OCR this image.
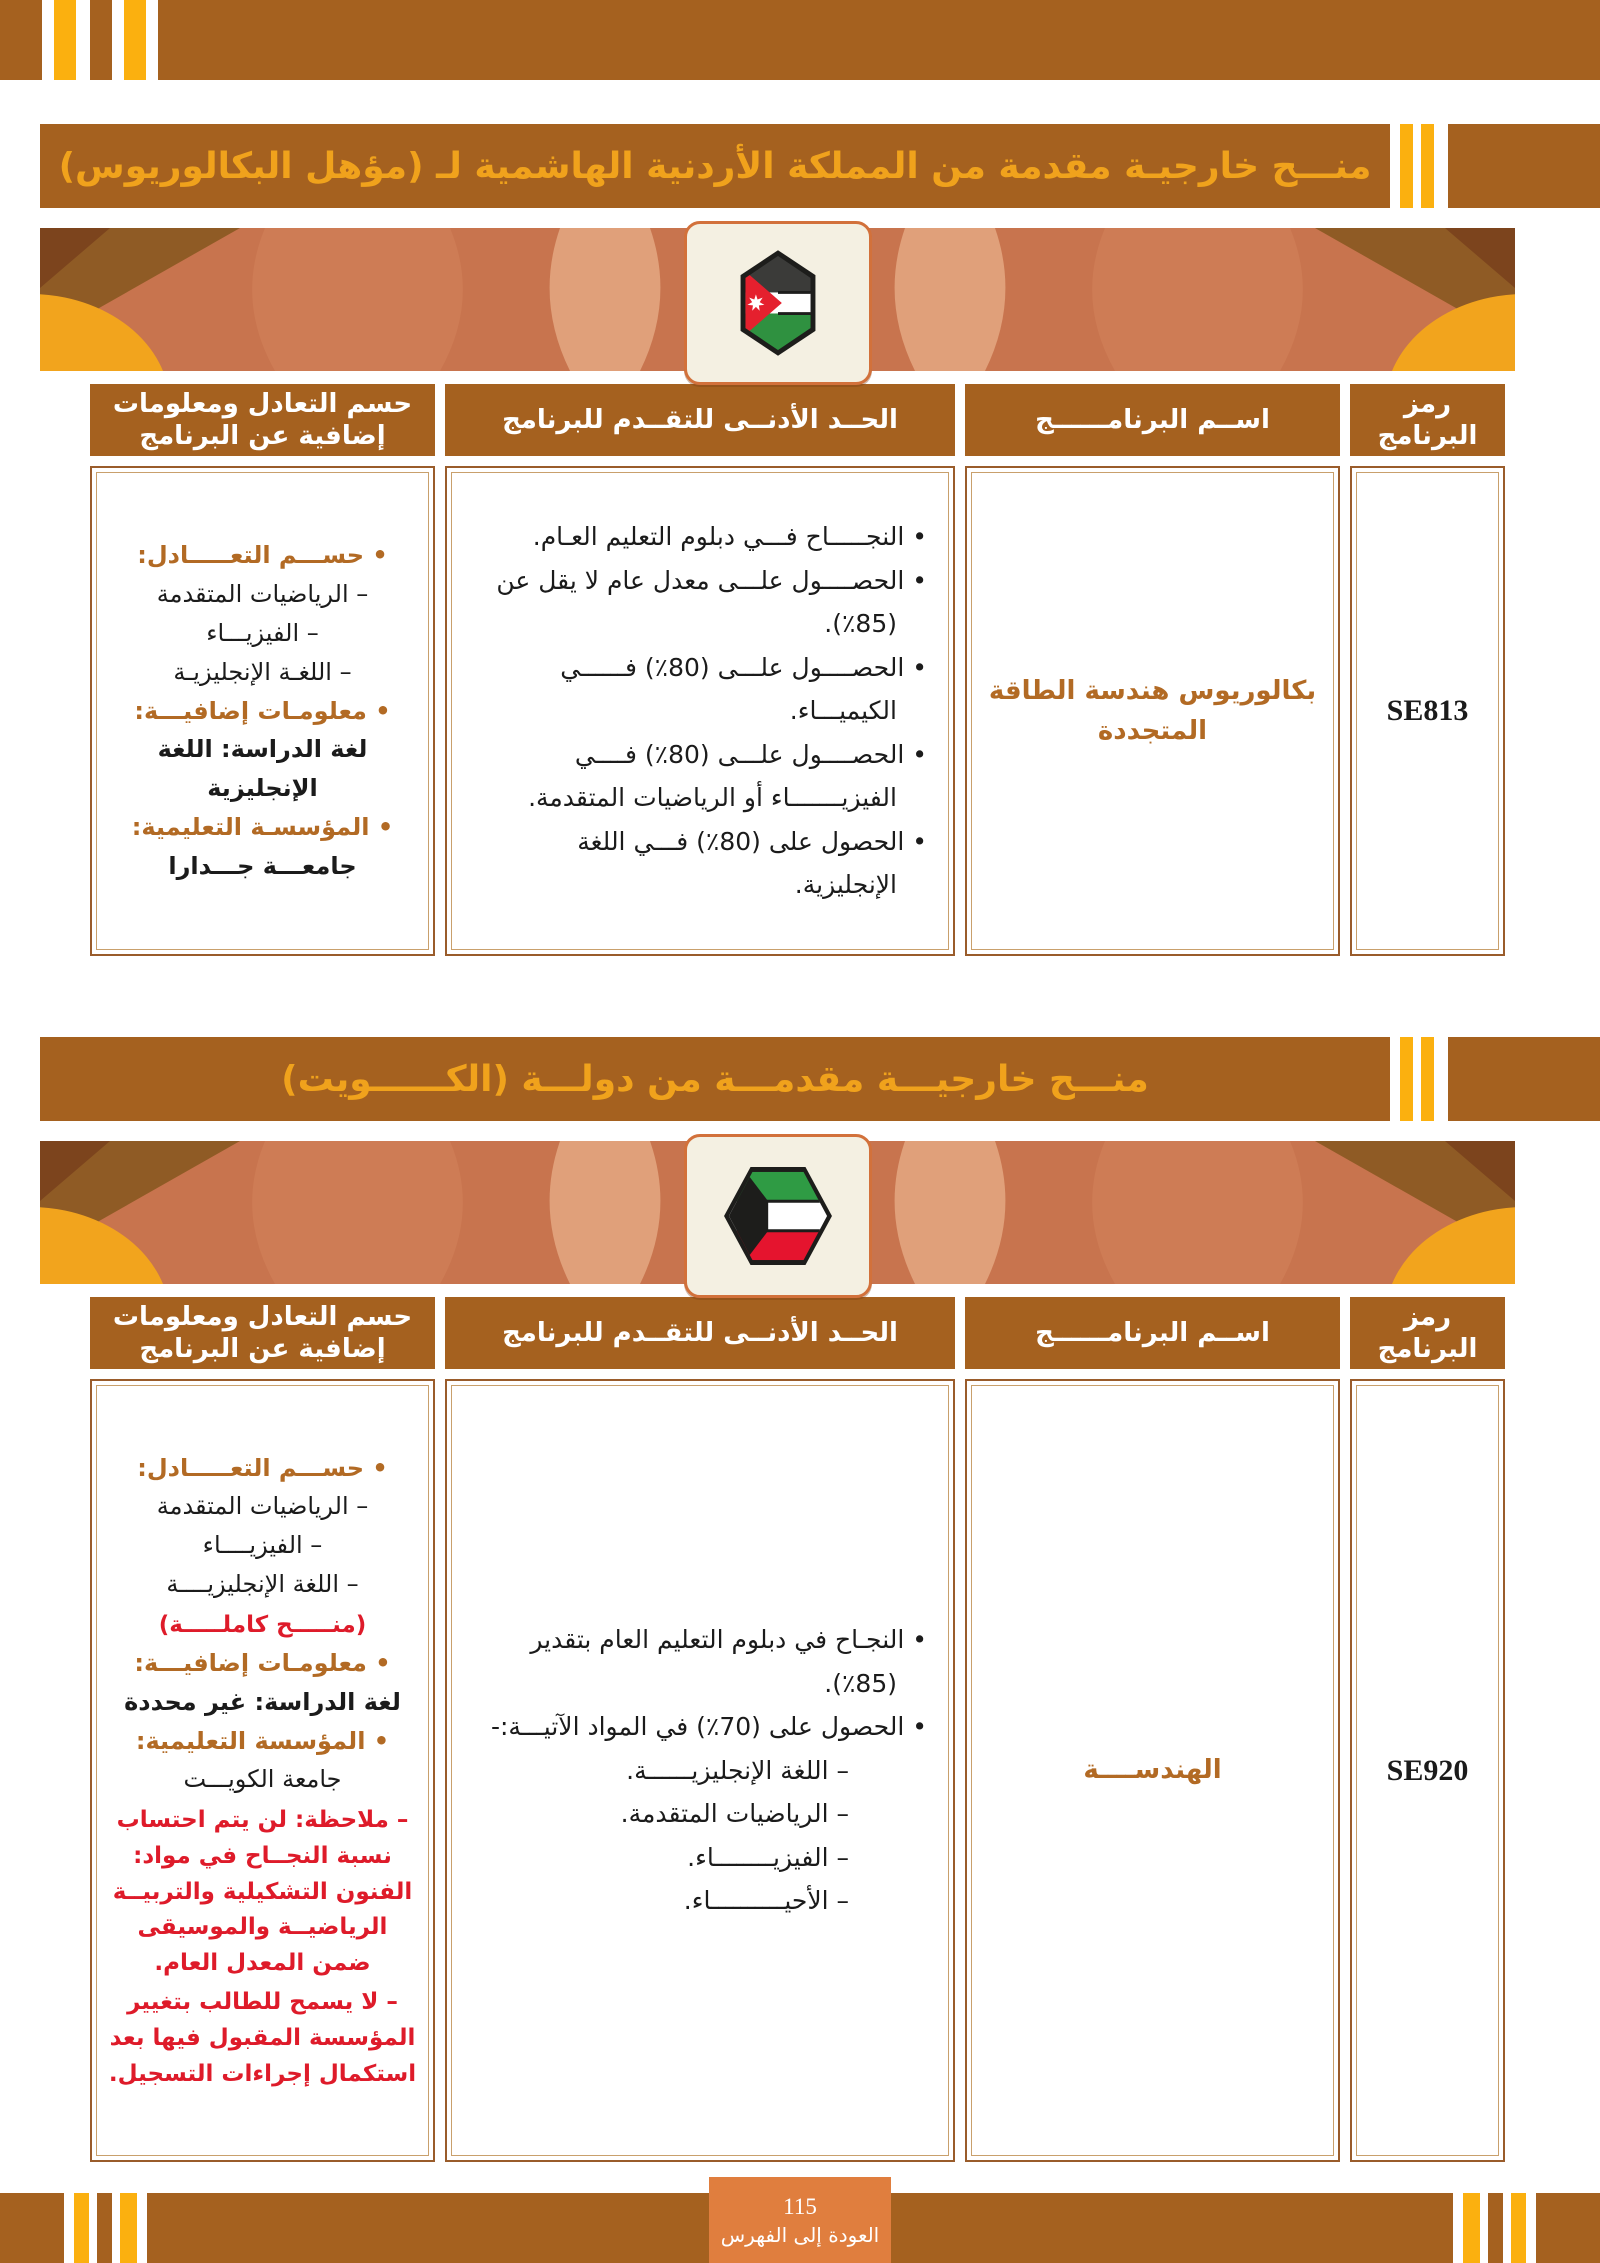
منـــح خارجيـة مقدمة من المملكة الأردنية الهاشمية لـ (مؤهل البكالوريوس)
رمز البرنامج
اســم البرنامــــــج
الحــد الأدنــى للتقــدم للبرنامج
حسم التعادل ومعلومات إضافية عن البرنامج
SE813
بكالوريوس هندسة الطاقة المتجددة
• النجـــــاح فـــي دبلوم التعليم العـام.
• الحصــــول علـــى معدل عام لا يقل عن (85٪).
• الحصــــول علـــى (80٪) فــــــي الكيميـــاء.
• الحصــــول علـــى (80٪) فــــي الفيزيـــــــاء أو الرياضيات المتقدمة.
• الحصول على (80٪) فـــي اللغة الإنجليزية.
• حســـم التعـــــادل:
– الرياضيات المتقدمة
– الفيزيـــاء
– اللغـة الإنجليزيـة
• معلومـات إضافيـــة:
لغة الدراسة: اللغة الإنجليزية
• المؤسسـة التعليمية:
جامعـــة جـــدارا
منـــح خارجيـــة مقدمـــة من دولـــة (الكــــــويت)
رمز البرنامج
اســم البرنامــــــج
الحــد الأدنــى للتقــدم للبرنامج
حسم التعادل ومعلومات إضافية عن البرنامج
SE920
الهندســــة
• النجـاح في دبلوم التعليم العام بتقدير (85٪).
• الحصول على (70٪) في المواد الآتيـــة:-
– اللغة الإنجليزيــــــة.
– الرياضيات المتقدمة.
– الفيزيــــــــاء.
– الأحيــــــــــاء.
• حســـم التعـــــادل:
– الرياضيات المتقدمة
– الفيزيــــاء
– اللغة الإنجليزيــــة
(منـــــح كاملـــــة)
• معلومـات إضافيـــة:
لغة الدراسة: غير محددة
• المؤسسة التعليمية:
جامعة الكويـــت
– ملاحظة: لن يتم احتساب نسبة النجــاح في مواد: الفنون التشكيلية والتربيــة الرياضيــة والموسيقى ضمن المعدل العام.
– لا يسمح للطالب بتغيير المؤسسة المقبول فيها بعد استكمال إجراءات التسجيل.
115
العودة إلى الفهرس
